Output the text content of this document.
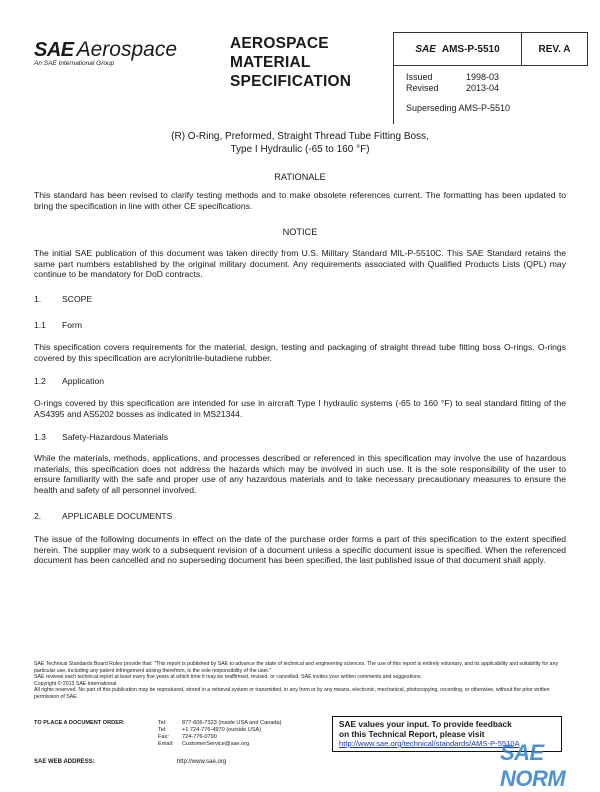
SAE Aerospace
An SAE International Group
AEROSPACE
MATERIAL
SPECIFICATION
SAE AMS-P-5510	REV. A
Issued	1998-03
Revised	2013-04
Superseding AMS-P-5510
(R) O-Ring, Preformed, Straight Thread Tube Fitting Boss,
Type I Hydraulic (-65 to 160 °F)
RATIONALE
This standard has been revised to clarify testing methods and to make obsolete references current. The formatting has been updated to bring the specification in line with other CE specifications.
NOTICE
The initial SAE publication of this document was taken directly from U.S. Military Standard MIL-P-5510C. This SAE Standard retains the same part numbers established by the original military document. Any requirements associated with Qualified Products Lists (QPL) may continue to be mandatory for DoD contracts.
1. SCOPE
1.1 Form
This specification covers requirements for the material, design, testing and packaging of straight thread tube fitting boss O-rings. O-rings covered by this specification are acrylonitrile-butadiene rubber.
1.2 Application
O-rings covered by this specification are intended for use in aircraft Type I hydraulic systems (-65 to 160 °F) to seal standard fitting of the AS4395 and AS5202 bosses as indicated in MS21344.
1.3 Safety-Hazardous Materials
While the materials, methods, applications, and processes described or referenced in this specification may involve the use of hazardous materials, this specification does not address the hazards which may be involved in such use. It is the sole responsibility of the user to ensure familiarity with the safe and proper use of any hazardous materials and to take necessary precautionary measures to ensure the health and safety of all personnel involved.
2. APPLICABLE DOCUMENTS
The issue of the following documents in effect on the date of the purchase order forms a part of this specification to the extent specified herein. The supplier may work to a subsequent revision of a document unless a specific document issue is specified. When the referenced document has been cancelled and no superseding document has been specified, the last published issue of that document shall apply.
SAE Technical Standards Board Rules provide that: "This report is published by SAE to advance the state of technical and engineering sciences. The use of this report is entirely voluntary, and its applicability and suitability for any particular use, including any patent infringement arising therefrom, is the sole responsibility of the user."
SAE reviews each technical report at least every five years at which time it may be reaffirmed, revised, or cancelled. SAE invites your written comments and suggestions.
Copyright © 2013 SAE International
All rights reserved. No part of this publication may be reproduced, stored in a retrieval system or transmitted, in any form or by any means, electronic, mechanical, photocopying, recording, or otherwise, without the prior written permission of SAE.
TO PLACE A DOCUMENT ORDER:	Tel:	877-606-7323 (inside USA and Canada)
Tel:	+1 724-776-4970 (outside USA)
Fax:	724-776-0790
Email:	CustomerService@sae.org
SAE WEB ADDRESS:	http://www.sae.org
SAE values your input. To provide feedback
on this Technical Report, please visit
http://www.sae.org/technical/standards/AMS-P-5510A
SAE NORM
